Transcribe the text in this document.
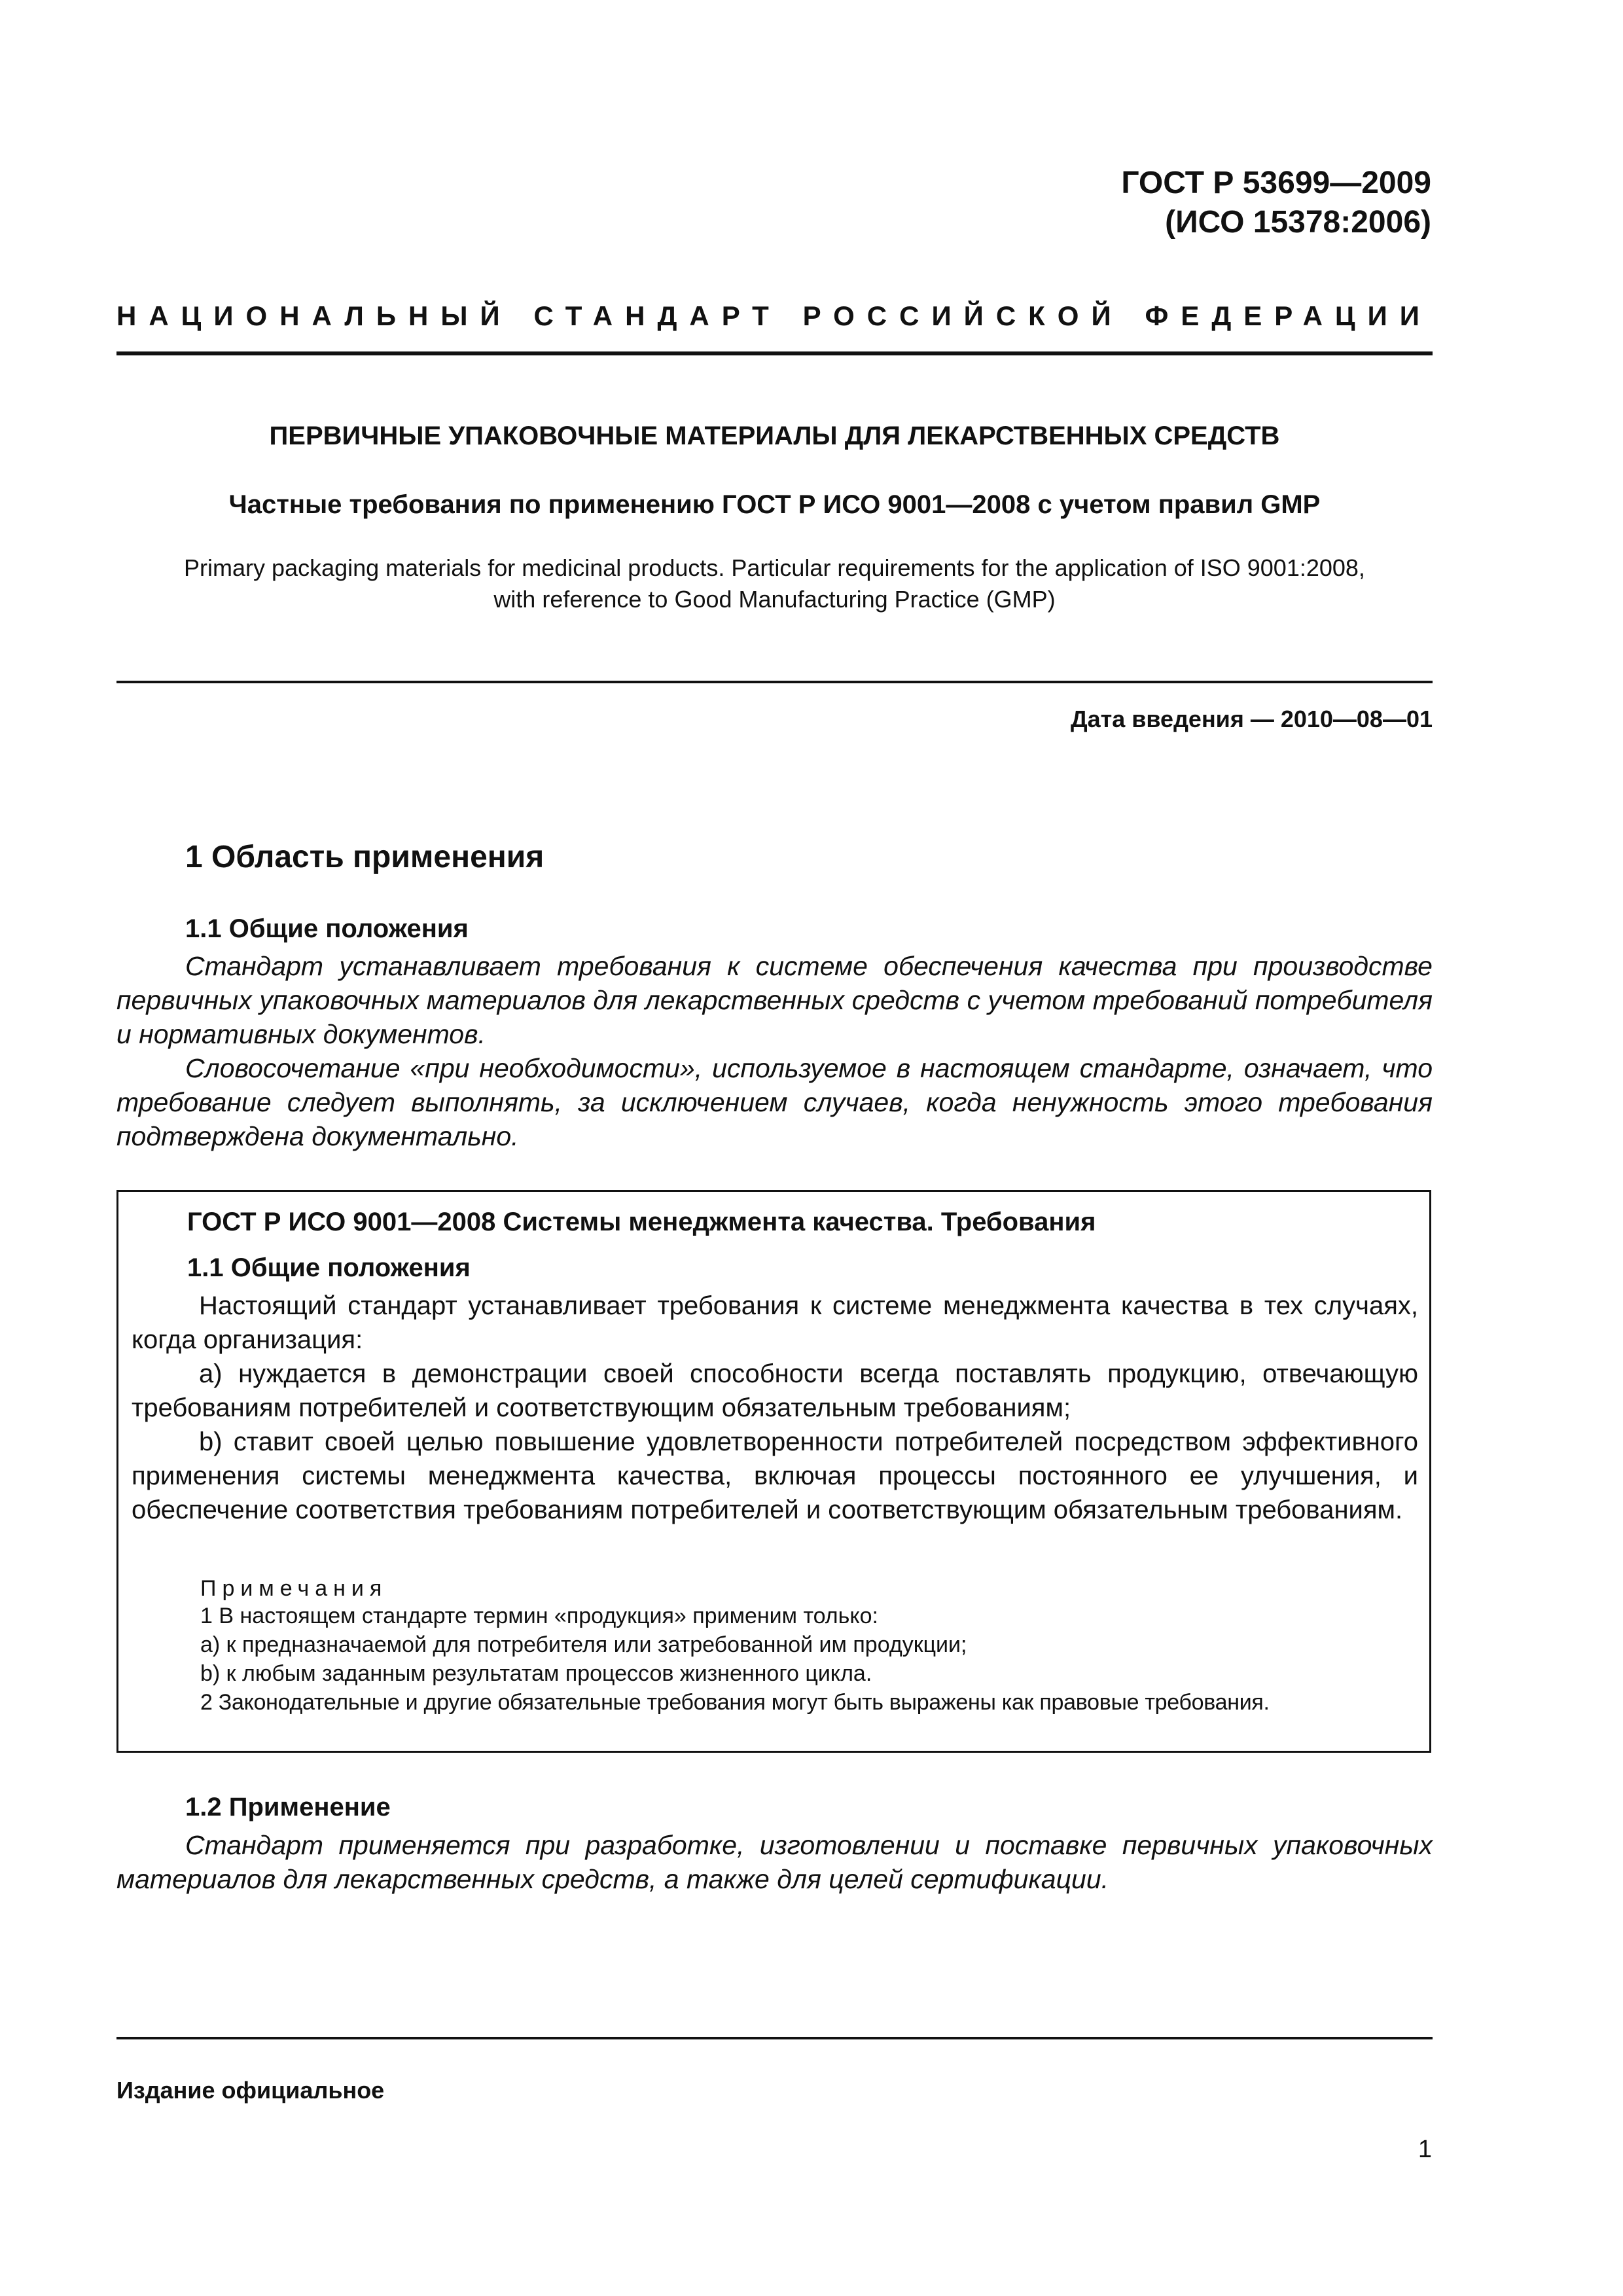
ГОСТ Р 53699—2009
(ИСО 15378:2006)
НАЦИОНАЛЬНЫЙ СТАНДАРТ РОССИЙСКОЙ ФЕДЕРАЦИИ
ПЕРВИЧНЫЕ УПАКОВОЧНЫЕ МАТЕРИАЛЫ ДЛЯ ЛЕКАРСТВЕННЫХ СРЕДСТВ
Частные требования по применению ГОСТ Р ИСО 9001—2008 с учетом правил GMP
Primary packaging materials for medicinal products. Particular requirements for the application of ISO 9001:2008,
with reference to Good Manufacturing Practice (GMP)
Дата введения — 2010—08—01
1 Область применения
1.1 Общие положения
Стандарт устанавливает требования к системе обеспечения качества при производстве первичных упаковочных материалов для лекарственных средств с учетом требований потребителя и нормативных документов.
Словосочетание «при необходимости», используемое в настоящем стандарте, означает, что требование следует выполнять, за исключением случаев, когда ненужность этого требования подтверждена документально.
ГОСТ Р ИСО 9001—2008 Системы менеджмента качества. Требования
1.1 Общие положения
Настоящий стандарт устанавливает требования к системе менеджмента качества в тех случаях, когда организация:
a) нуждается в демонстрации своей способности всегда поставлять продукцию, отвечающую требованиям потребителей и соответствующим обязательным требованиям;
b) ставит своей целью повышение удовлетворенности потребителей посредством эффективного применения системы менеджмента качества, включая процессы постоянного ее улучшения, и обеспечение соответствия требованиям потребителей и соответствующим обязательным требованиям.
Примечания
1 В настоящем стандарте термин «продукция» применим только:
a) к предназначаемой для потребителя или затребованной им продукции;
b) к любым заданным результатам процессов жизненного цикла.
2 Законодательные и другие обязательные требования могут быть выражены как правовые требования.
1.2 Применение
Стандарт применяется при разработке, изготовлении и поставке первичных упаковочных материалов для лекарственных средств, а также для целей сертификации.
Издание официальное
1
